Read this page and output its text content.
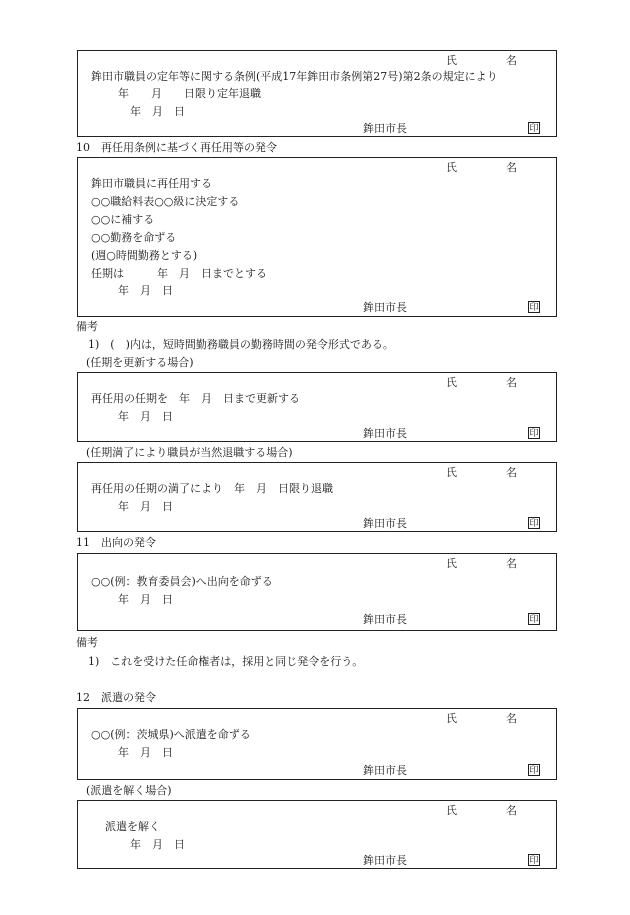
氏	名
鉾田市職員の定年等に関する条例(平成17年鉾田市条例第27号)第2条の規定により
年　　月　　日限り定年退職
年　月　日
鉾田市長	印
10　再任用条例に基づく再任用等の発令
氏	名
鉾田市職員に再任用する
○○職給料表○○級に決定する
○○に補する
○○勤務を命ずる
(週○時間勤務とする)
任期は　　　年　月　日までとする
年　月　日
鉾田市長	印
備考
1)　(　)内は，短時間勤務職員の勤務時間の発令形式である。
(任期を更新する場合)
氏	名
再任用の任期を　年　月　日まで更新する
年　月　日
鉾田市長	印
(任期満了により職員が当然退職する場合)
氏	名
再任用の任期の満了により　年　月　日限り退職
年　月　日
鉾田市長	印
11　出向の発令
氏	名
○○(例：教育委員会)へ出向を命ずる
年　月　日
鉾田市長	印
備考
1)　これを受けた任命権者は，採用と同じ発令を行う。
12　派遣の発令
氏	名
○○(例：茨城県)へ派遣を命ずる
年　月　日
鉾田市長	印
(派遣を解く場合)
氏	名
派遣を解く
年　月　日
鉾田市長	印
